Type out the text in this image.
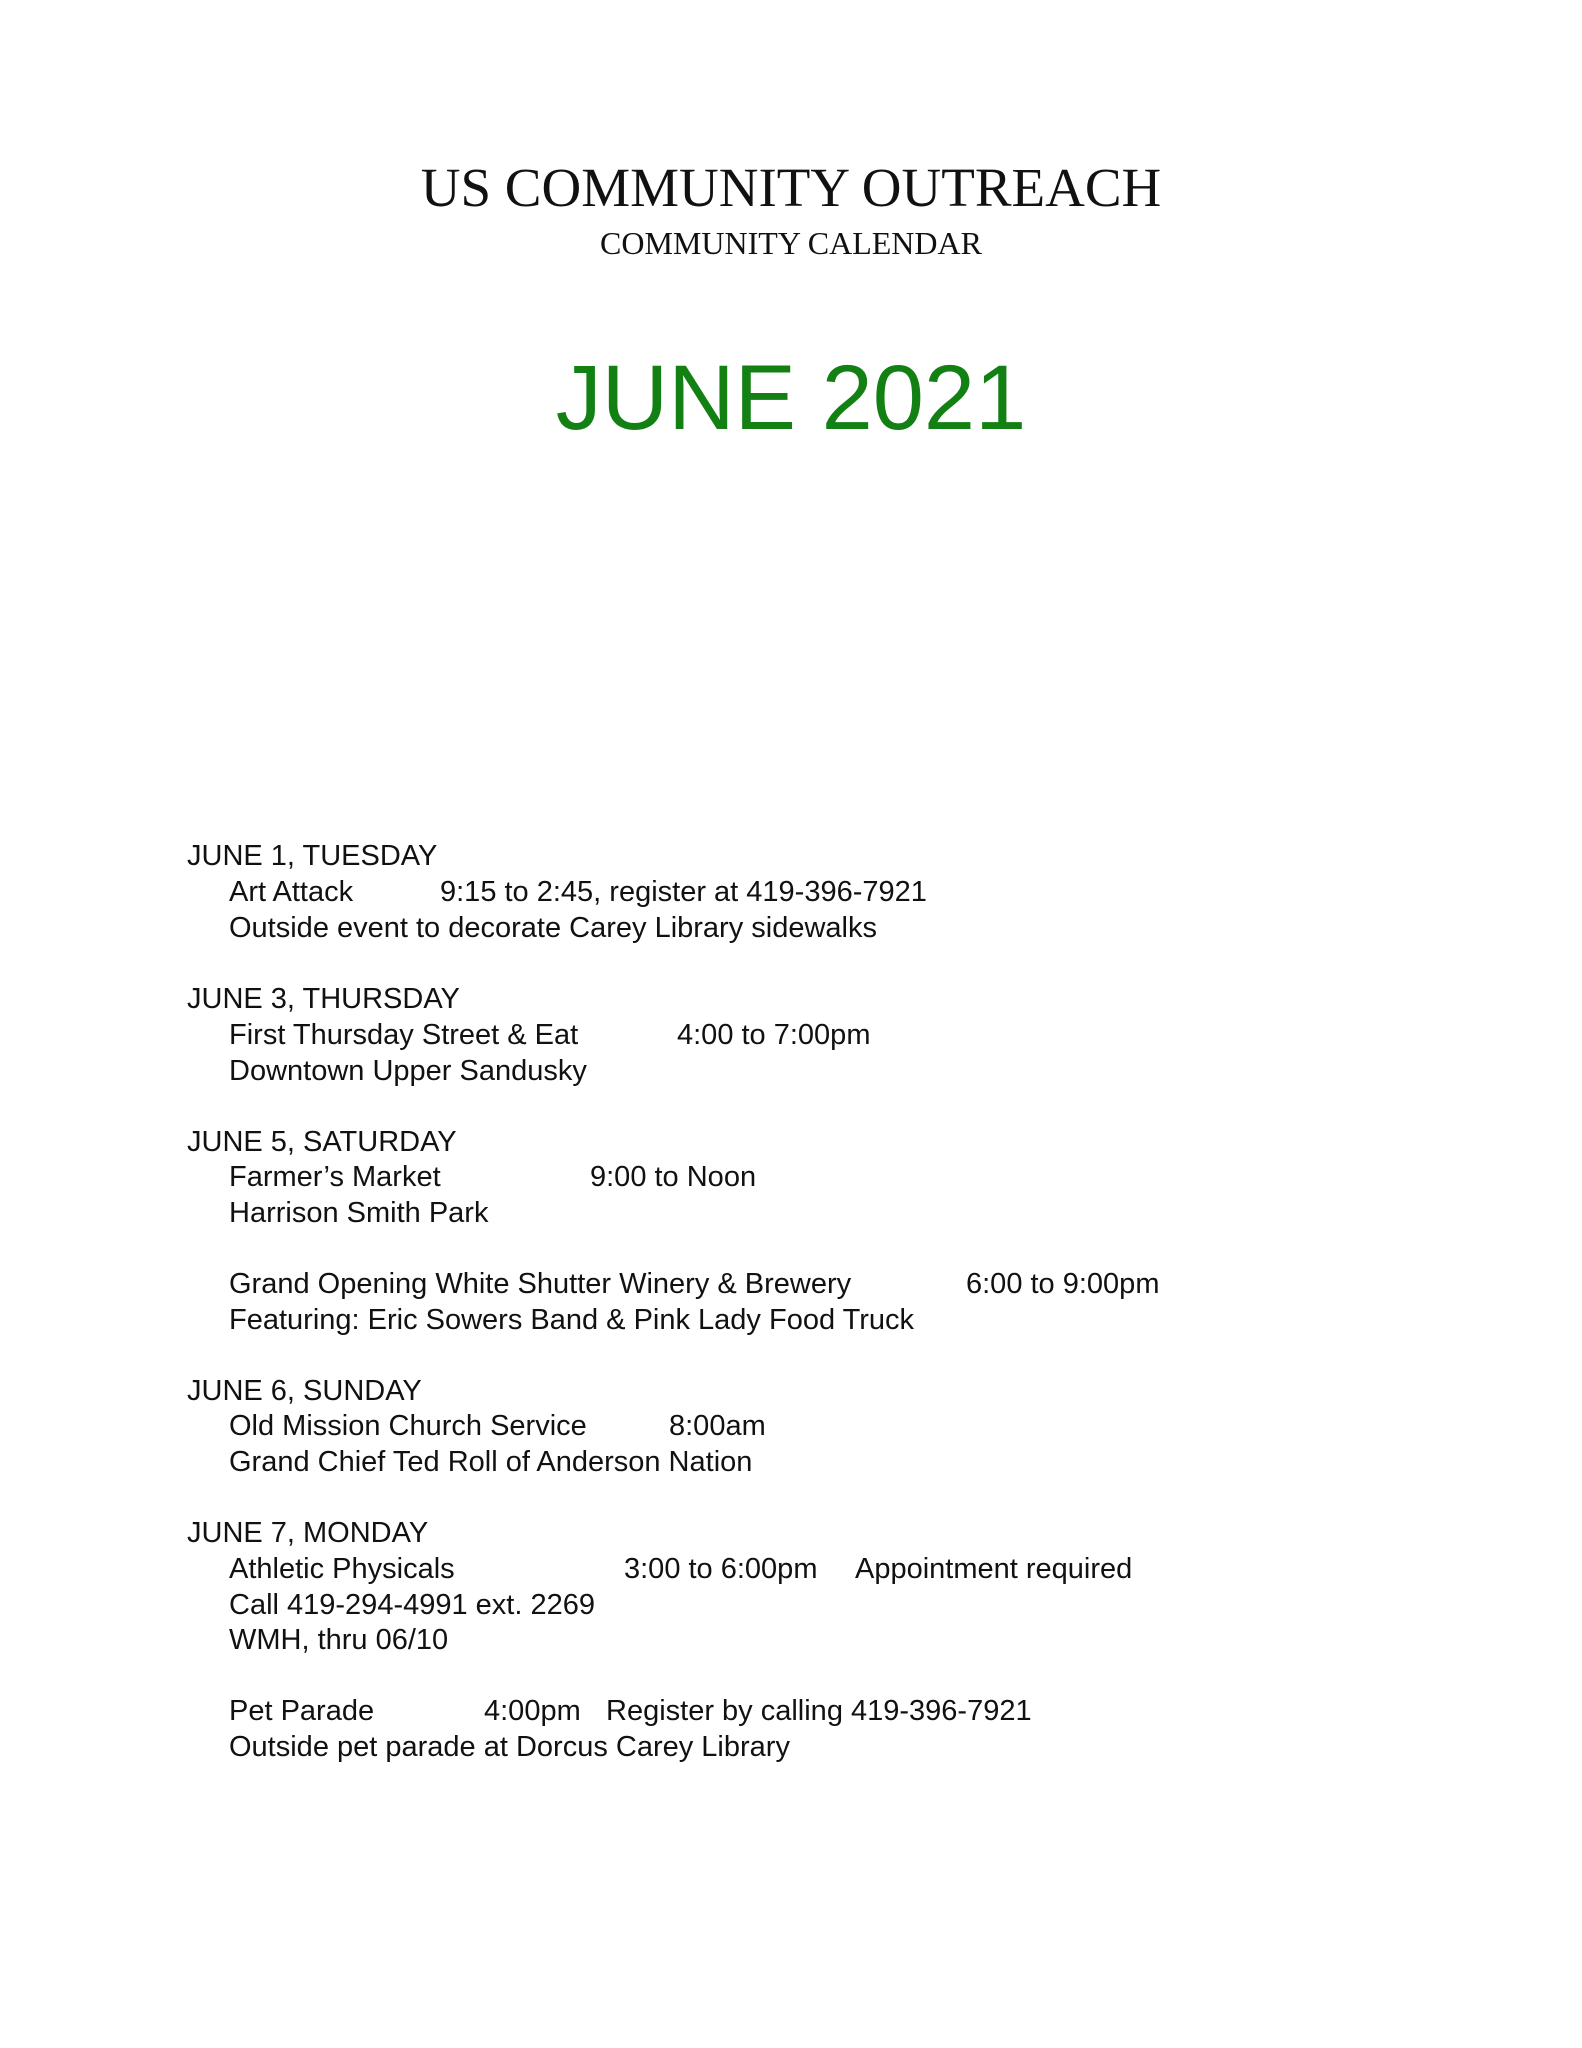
US COMMUNITY OUTREACH
COMMUNITY CALENDAR
JUNE 2021
JUNE 1, TUESDAY
Art Attack	9:15 to 2:45, register at 419-396-7921
Outside event to decorate Carey Library sidewalks
JUNE 3, THURSDAY
First Thursday Street & Eat	4:00 to 7:00pm
Downtown Upper Sandusky
JUNE 5, SATURDAY
Farmer’s Market	9:00 to Noon
Harrison Smith Park
Grand Opening White Shutter Winery & Brewery	6:00 to 9:00pm
Featuring: Eric Sowers Band & Pink Lady Food Truck
JUNE 6, SUNDAY
Old Mission Church Service	8:00am
Grand Chief Ted Roll of Anderson Nation
JUNE 7, MONDAY
Athletic Physicals	3:00 to 6:00pm Appointment required
Call 419-294-4991 ext. 2269
WMH, thru 06/10
Pet Parade	4:00pm Register by calling 419-396-7921
Outside pet parade at Dorcus Carey Library
